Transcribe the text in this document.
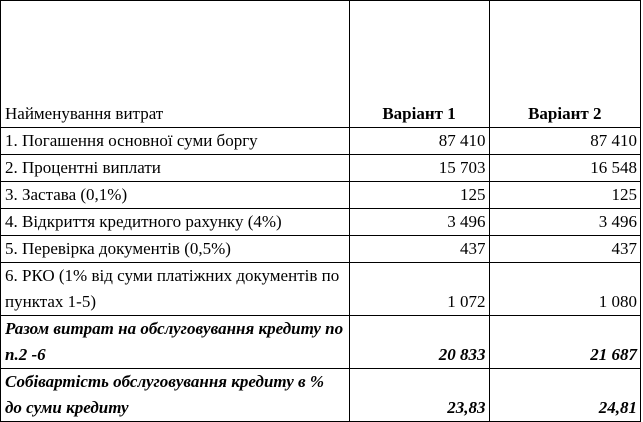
Найменування витрат	Варіант 1	Варіант 2
1. Погашення основної суми боргу	87 410	87 410
2. Процентні виплати	15 703	16 548
3. Застава (0,1%)	125	125
4. Відкриття кредитного рахунку (4%)	3 496	3 496
5. Перевірка документів (0,5%)	437	437
6. РКО (1% від суми платіжних документів по пунктах 1-5)	1 072	1 080
Разом витрат на обслуговування кредиту по п.2 -6	20 833	21 687
Собівартість обслуговування кредиту в % до суми кредиту	23,83	24,81
